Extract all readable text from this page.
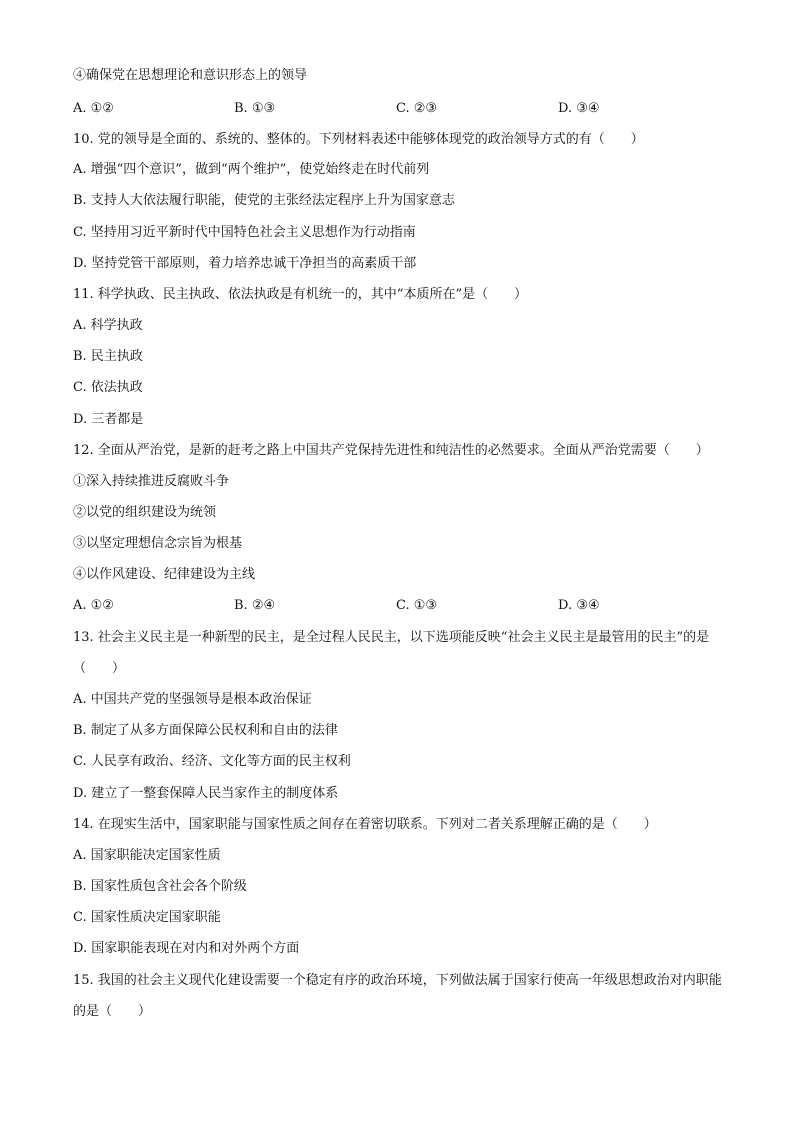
④确保党在思想理论和意识形态上的领导
A. ①②	B. ①③	C. ②③	D. ③④
10. 党的领导是全面的、系统的、整体的。下列材料表述中能够体现党的政治领导方式的有（　　）
A. 增强“四个意识”，做到“两个维护”，使党始终走在时代前列
B. 支持人大依法履行职能，使党的主张经法定程序上升为国家意志
C. 坚持用习近平新时代中国特色社会主义思想作为行动指南
D. 坚持党管干部原则，着力培养忠诚干净担当的高素质干部
11. 科学执政、民主执政、依法执政是有机统一的，其中“本质所在”是（　　）
A. 科学执政
B. 民主执政
C. 依法执政
D. 三者都是
12. 全面从严治党，是新的赶考之路上中国共产党保持先进性和纯洁性的必然要求。全面从严治党需要（　　）
①深入持续推进反腐败斗争
②以党的组织建设为统领
③以坚定理想信念宗旨为根基
④以作风建设、纪律建设为主线
A. ①②	B. ②④	C. ①③	D. ③④
13. 社会主义民主是一种新型的民主，是全过程人民民主，以下选项能反映“社会主义民主是最管用的民主”的是（　　）
A. 中国共产党的坚强领导是根本政治保证
B. 制定了从多方面保障公民权利和自由的法律
C. 人民享有政治、经济、文化等方面的民主权利
D. 建立了一整套保障人民当家作主的制度体系
14. 在现实生活中，国家职能与国家性质之间存在着密切联系。下列对二者关系理解正确的是（　　）
A. 国家职能决定国家性质
B. 国家性质包含社会各个阶级
C. 国家性质决定国家职能
D. 国家职能表现在对内和对外两个方面
15. 我国的社会主义现代化建设需要一个稳定有序的政治环境，下列做法属于国家行使高一年级思想政治对内职能的是（　　）
